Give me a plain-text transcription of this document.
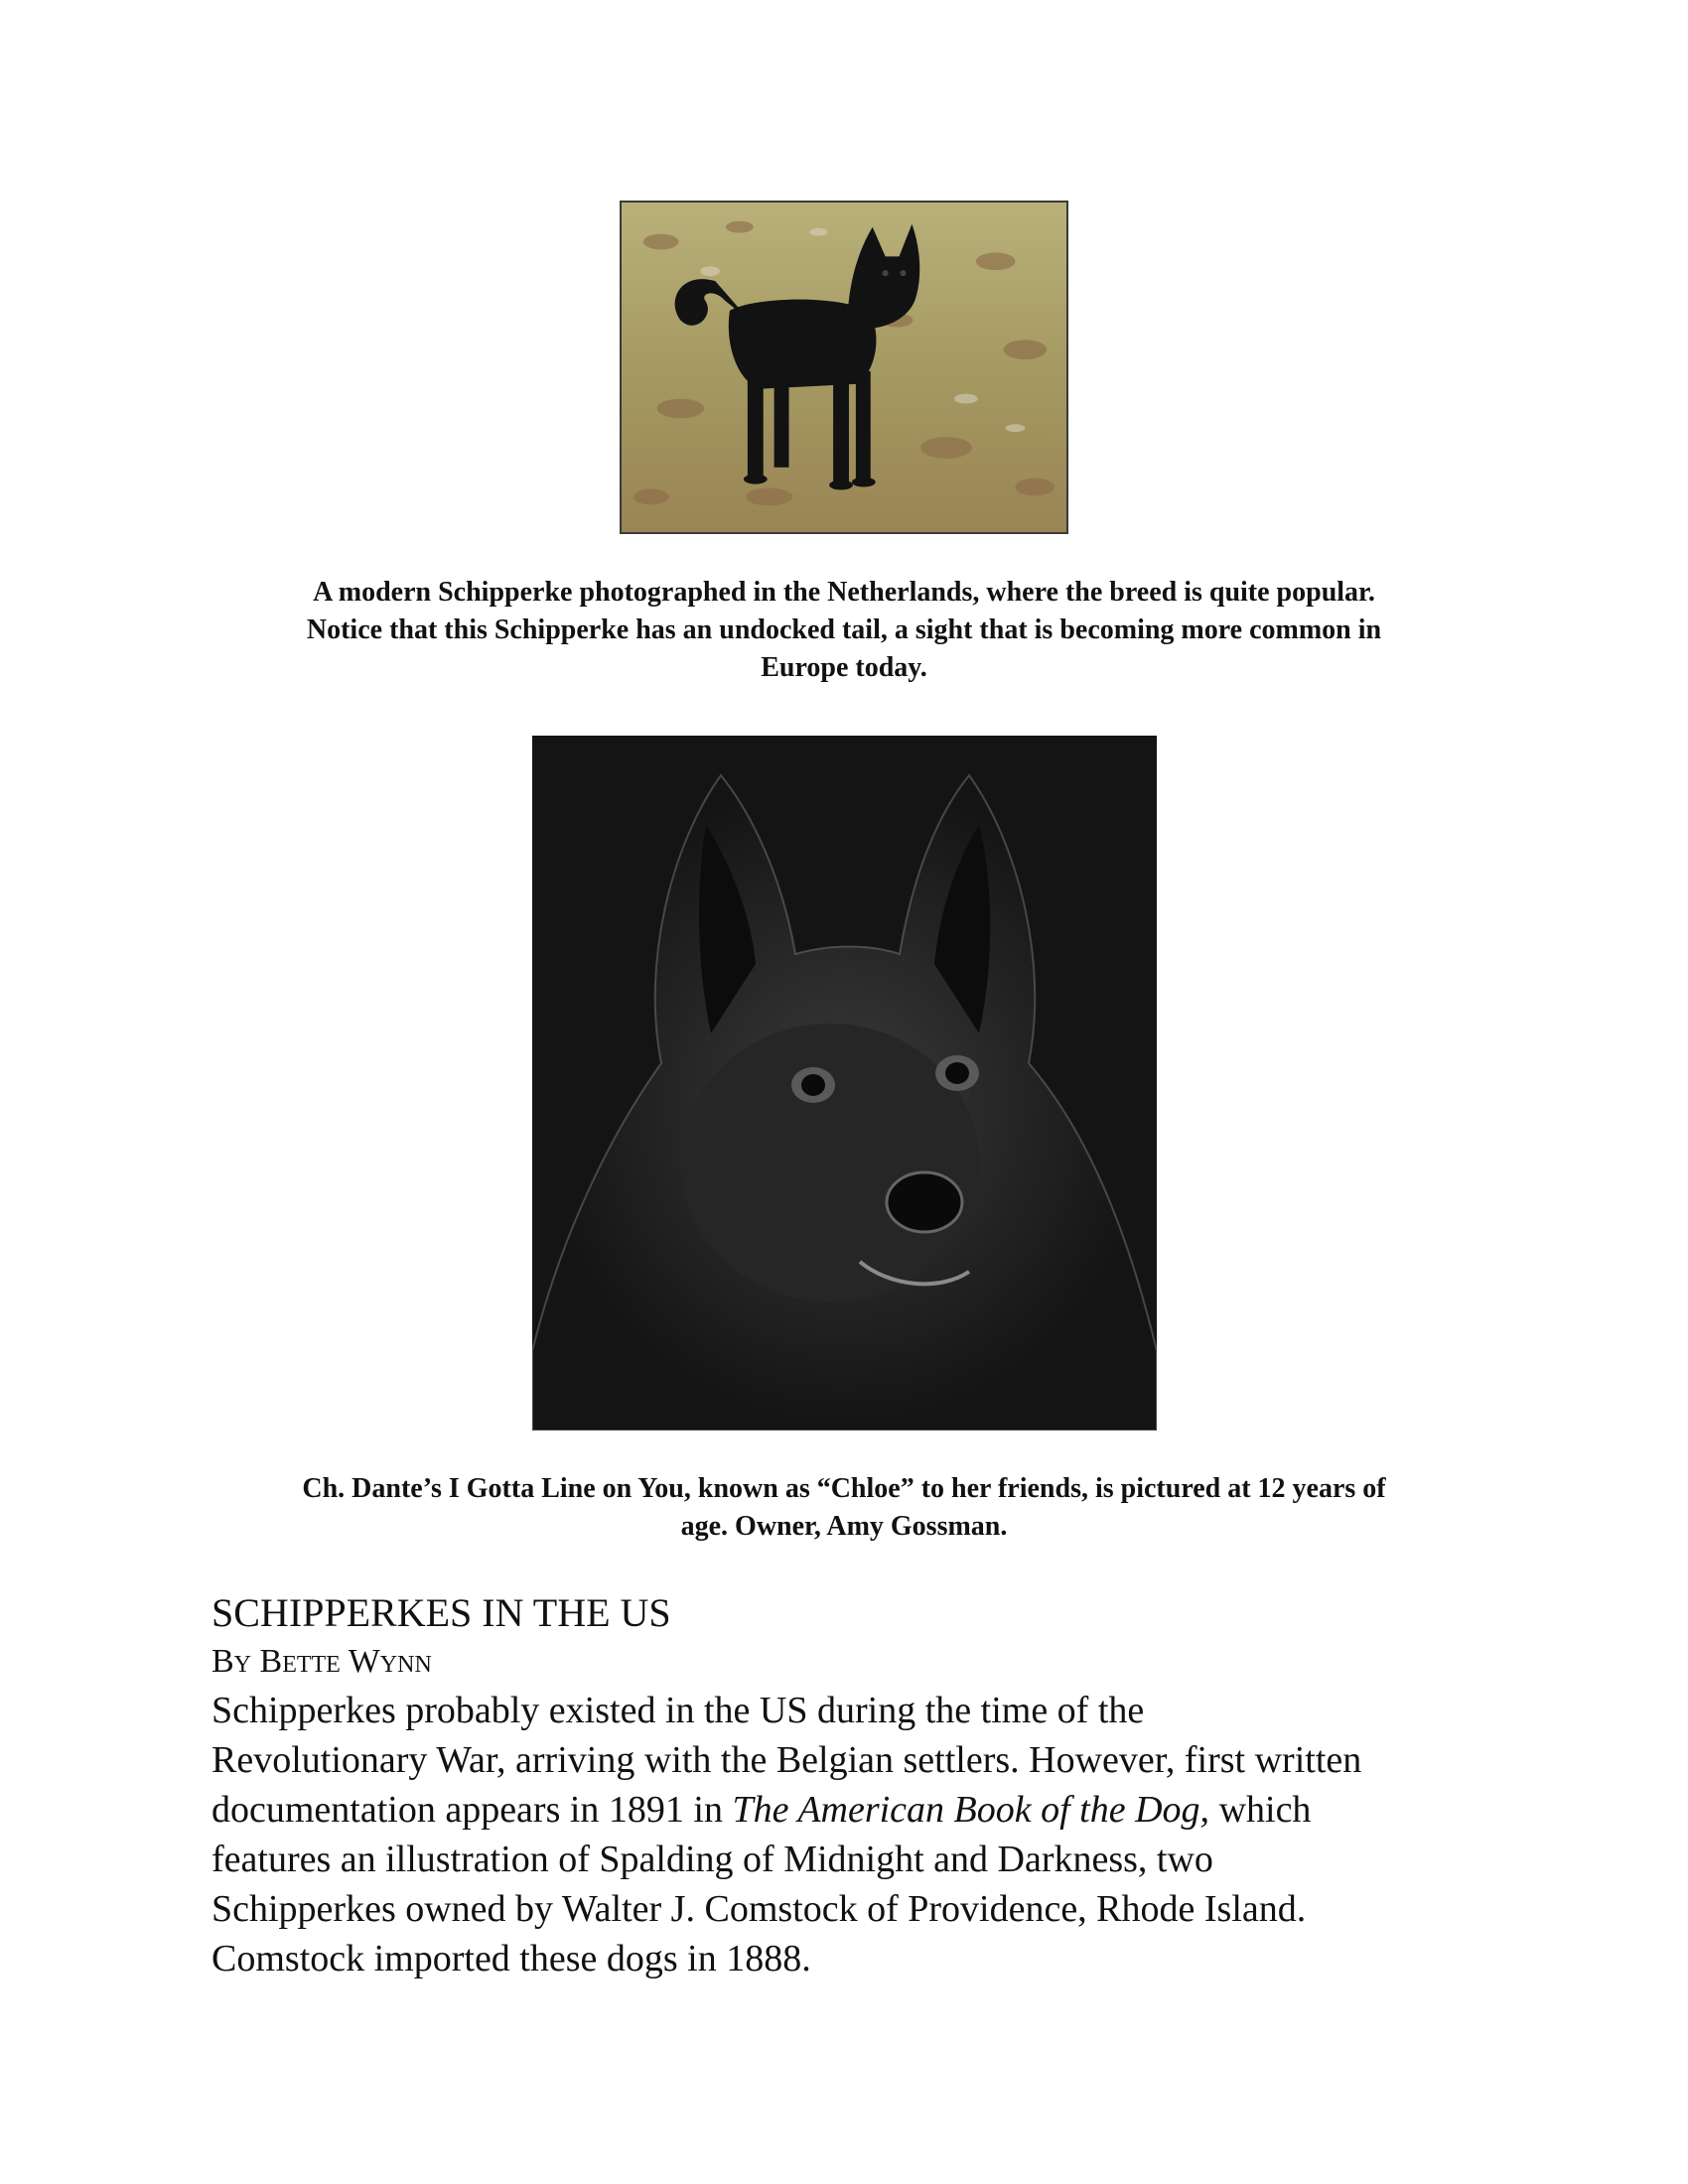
A modern Schipperke photographed in the Netherlands, where the breed is quite popular.
Notice that this Schipperke has an undocked tail, a sight that is becoming more common in
Europe today.
Ch. Dante’s I Gotta Line on You, known as “Chloe” to her friends, is pictured at 12 years of
age. Owner, Amy Gossman.
SCHIPPERKES IN THE US

By Bette Wynn

Schipperkes probably existed in the US during the time of the
Revolutionary War, arriving with the Belgian settlers. However, first written
documentation appears in 1891 in The American Book of the Dog, which
features an illustration of Spalding of Midnight and Darkness, two
Schipperkes owned by Walter J. Comstock of Providence, Rhode Island.
Comstock imported these dogs in 1888.
